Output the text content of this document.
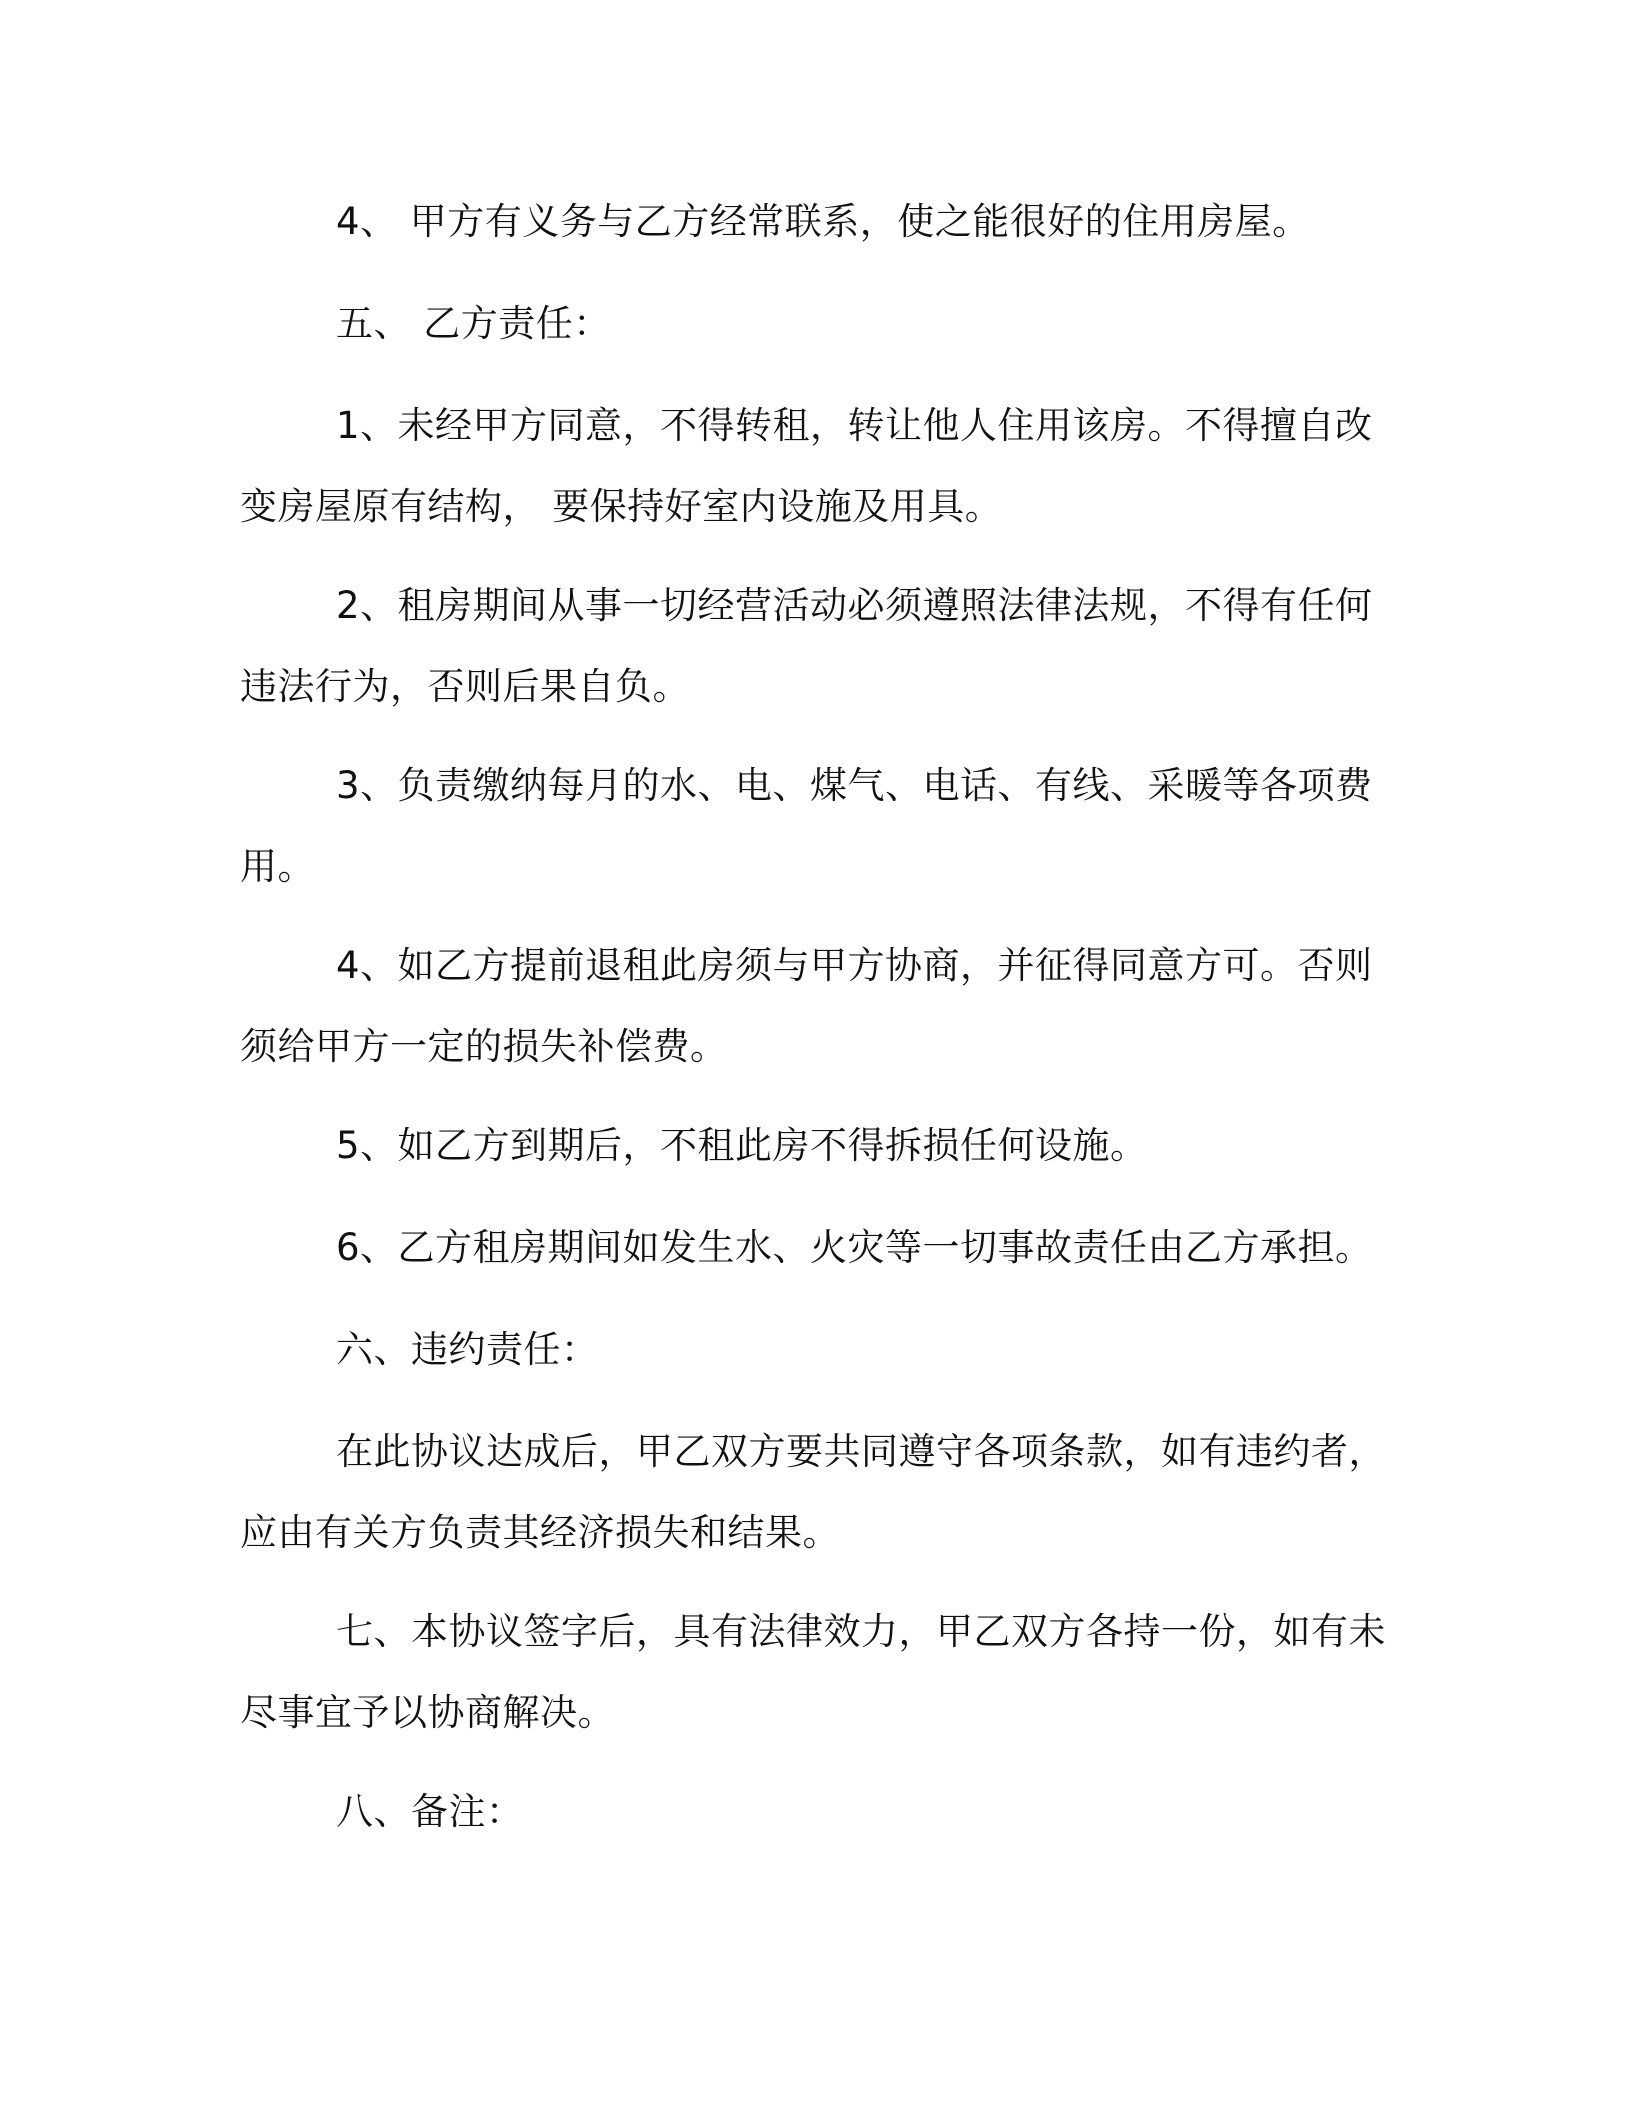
4、 甲方有义务与乙方经常联系，使之能很好的住用房屋。

五、 乙方责任：

1、未经甲方同意，不得转租，转让他人住用该房。不得擅自改变房屋原有结构， 要保持好室内设施及用具。

2、租房期间从事一切经营活动必须遵照法律法规，不得有任何违法行为，否则后果自负。

3、负责缴纳每月的水、电、煤气、电话、有线、采暖等各项费用。

4、如乙方提前退租此房须与甲方协商，并征得同意方可。否则须给甲方一定的损失补偿费。

5、如乙方到期后，不租此房不得拆损任何设施。

6、乙方租房期间如发生水、火灾等一切事故责任由乙方承担。

六、违约责任：

在此协议达成后，甲乙双方要共同遵守各项条款，如有违约者，应由有关方负责其经济损失和结果。

七、本协议签字后，具有法律效力，甲乙双方各持一份，如有未尽事宜予以协商解决。

八、备注：
